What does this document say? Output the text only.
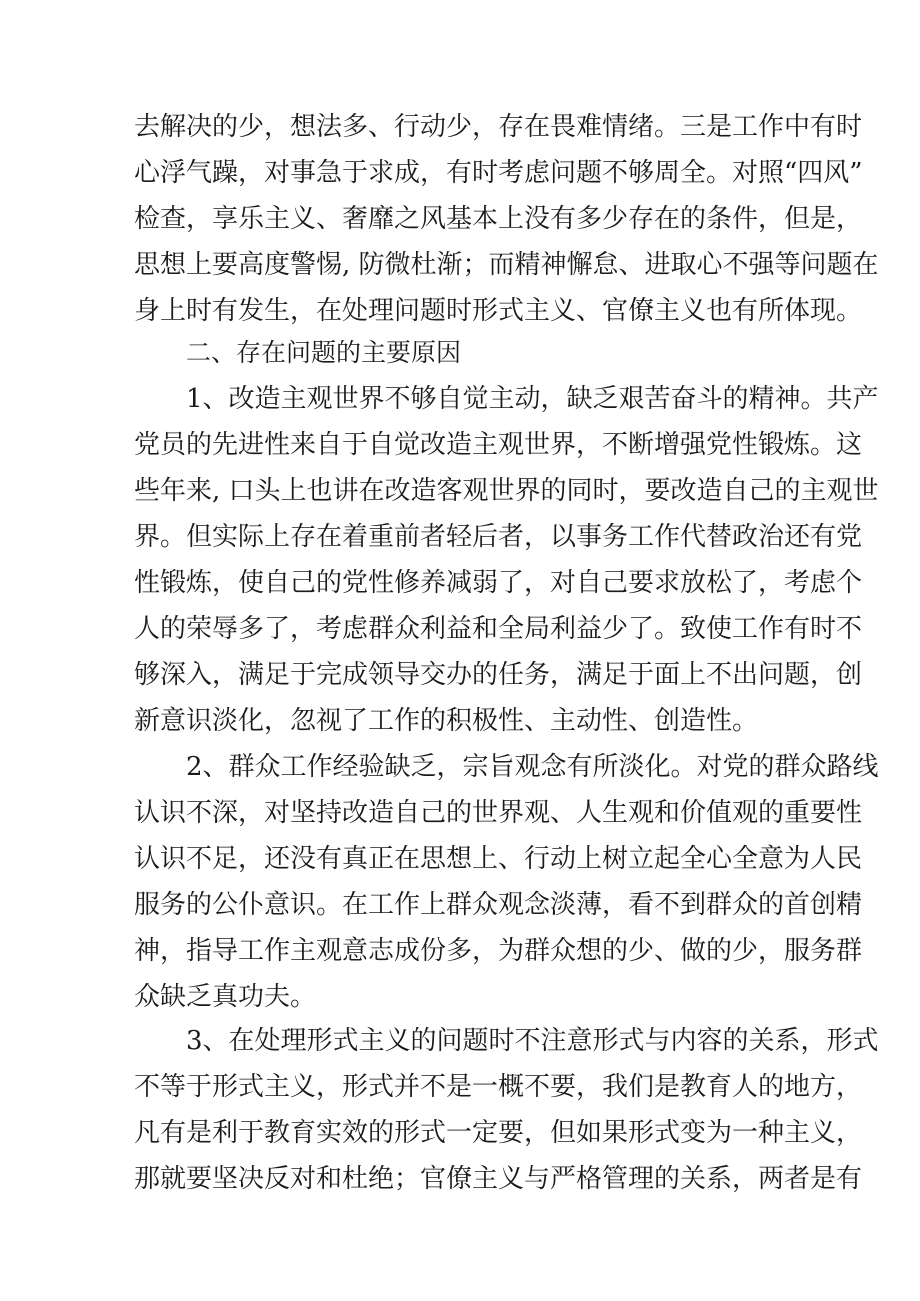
去解决的少，想法多、行动少，存在畏难情绪。三是工作中有时
心浮气躁，对事急于求成，有时考虑问题不够周全。对照“四风”
检查，享乐主义、奢靡之风基本上没有多少存在的条件，但是，
思想上要高度警惕, 防微杜渐；而精神懈怠、进取心不强等问题在
身上时有发生，在处理问题时形式主义、官僚主义也有所体现。
二、存在问题的主要原因
1、改造主观世界不够自觉主动，缺乏艰苦奋斗的精神。共产
党员的先进性来自于自觉改造主观世界，不断增强党性锻炼。这
些年来, 口头上也讲在改造客观世界的同时，要改造自己的主观世
界。但实际上存在着重前者轻后者，以事务工作代替政治还有党
性锻炼，使自己的党性修养减弱了，对自己要求放松了，考虑个
人的荣辱多了，考虑群众利益和全局利益少了。致使工作有时不
够深入，满足于完成领导交办的任务，满足于面上不出问题，创
新意识淡化，忽视了工作的积极性、主动性、创造性。
2、群众工作经验缺乏，宗旨观念有所淡化。对党的群众路线
认识不深，对坚持改造自己的世界观、人生观和价值观的重要性
认识不足，还没有真正在思想上、行动上树立起全心全意为人民
服务的公仆意识。在工作上群众观念淡薄，看不到群众的首创精
神，指导工作主观意志成份多，为群众想的少、做的少，服务群
众缺乏真功夫。
3、在处理形式主义的问题时不注意形式与内容的关系，形式
不等于形式主义，形式并不是一概不要，我们是教育人的地方，
凡有是利于教育实效的形式一定要，但如果形式变为一种主义，
那就要坚决反对和杜绝；官僚主义与严格管理的关系，两者是有
